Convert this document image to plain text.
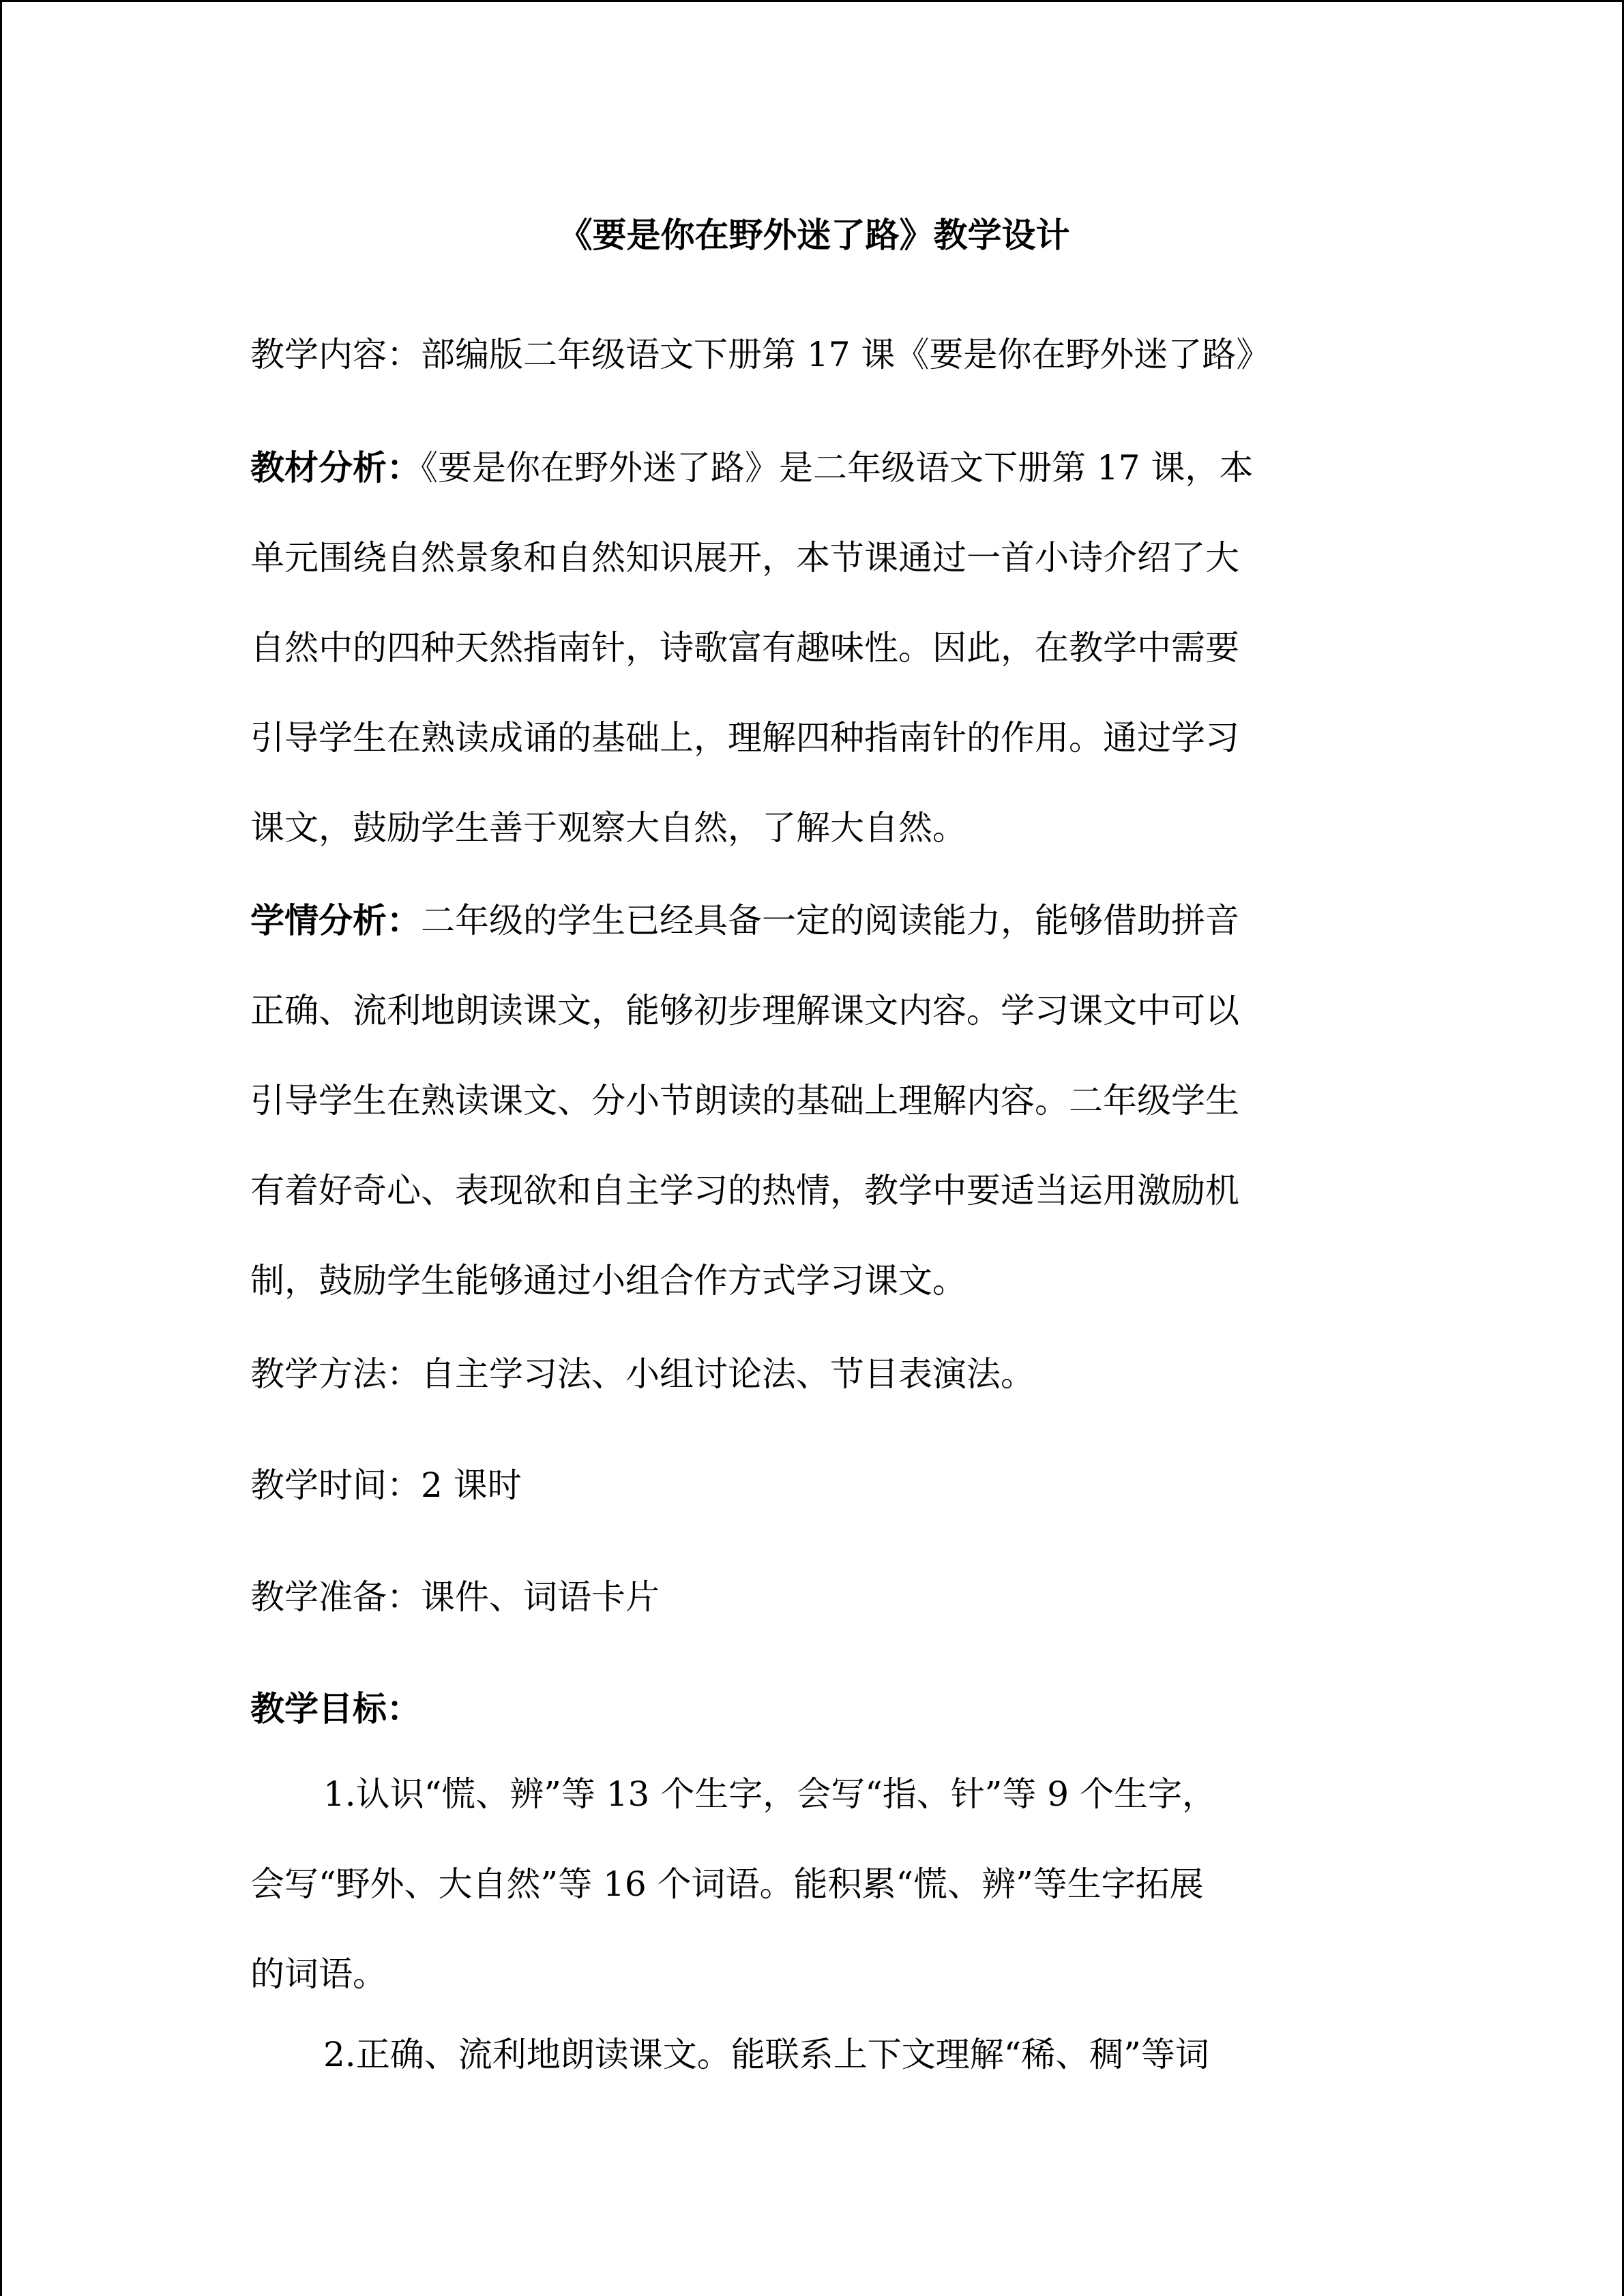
《要是你在野外迷了路》教学设计
教学内容：部编版二年级语文下册第 17 课《要是你在野外迷了路》
教材分析：《要是你在野外迷了路》是二年级语文下册第 17 课，本
单元围绕自然景象和自然知识展开，本节课通过一首小诗介绍了大
自然中的四种天然指南针，诗歌富有趣味性。因此，在教学中需要
引导学生在熟读成诵的基础上，理解四种指南针的作用。通过学习
课文，鼓励学生善于观察大自然，了解大自然。
学情分析：二年级的学生已经具备一定的阅读能力，能够借助拼音
正确、流利地朗读课文，能够初步理解课文内容。学习课文中可以
引导学生在熟读课文、分小节朗读的基础上理解内容。二年级学生
有着好奇心、表现欲和自主学习的热情，教学中要适当运用激励机
制，鼓励学生能够通过小组合作方式学习课文。
教学方法：自主学习法、小组讨论法、节目表演法。
教学时间：2 课时
教学准备：课件、词语卡片
教学目标：
1.认识“慌、辨”等 13 个生字，会写“指、针”等 9 个生字，
会写“野外、大自然”等 16 个词语。能积累“慌、辨”等生字拓展
的词语。
2.正确、流利地朗读课文。能联系上下文理解“稀、稠”等词
